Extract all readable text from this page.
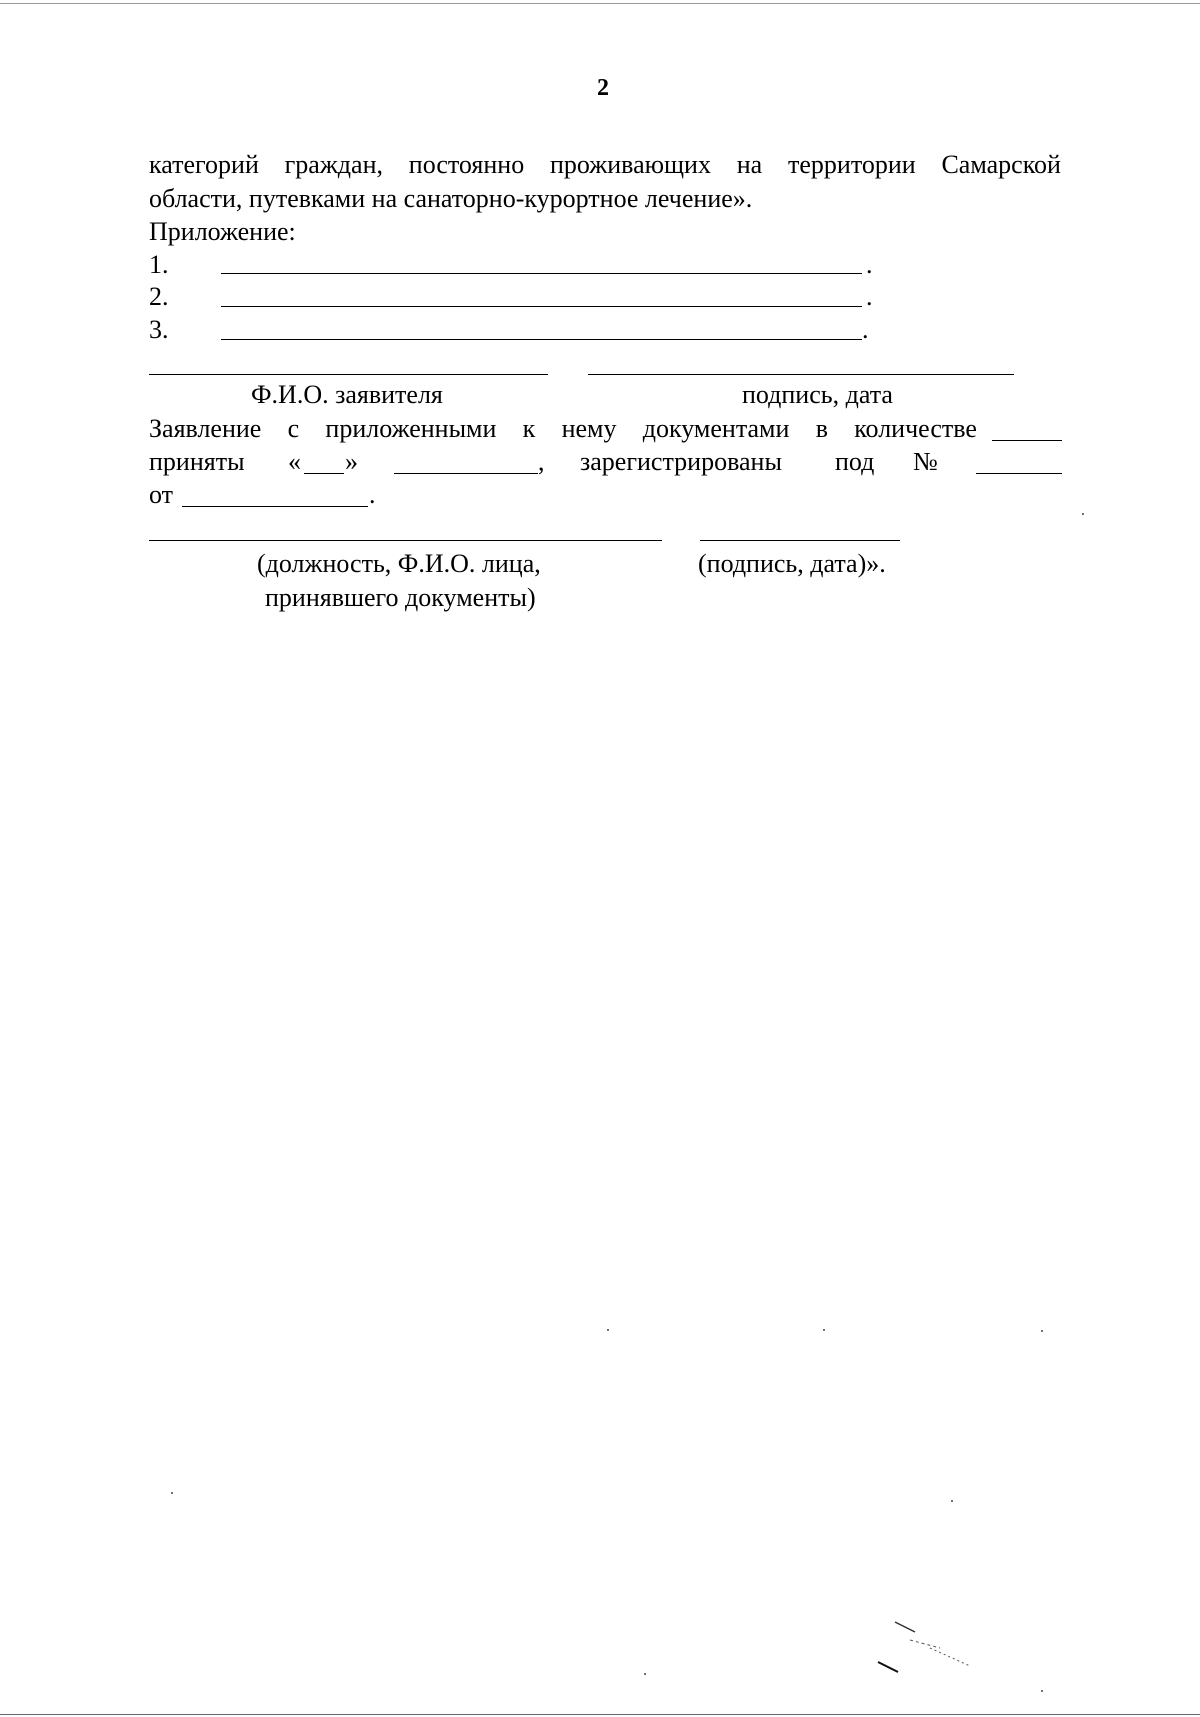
2
категорий граждан, постоянно проживающих на территории Самарской
области, путевками на санаторно-курортное лечение».
Приложение:
1.	.
2.	.
3.	.
Ф.И.О. заявителя	подпись, дата
Заявление с приложенными к нему документами в количестве
приняты « »	, зарегистрированы под №
от	.
(должность, Ф.И.О. лица,
принявшего документы)
(подпись, дата)».
